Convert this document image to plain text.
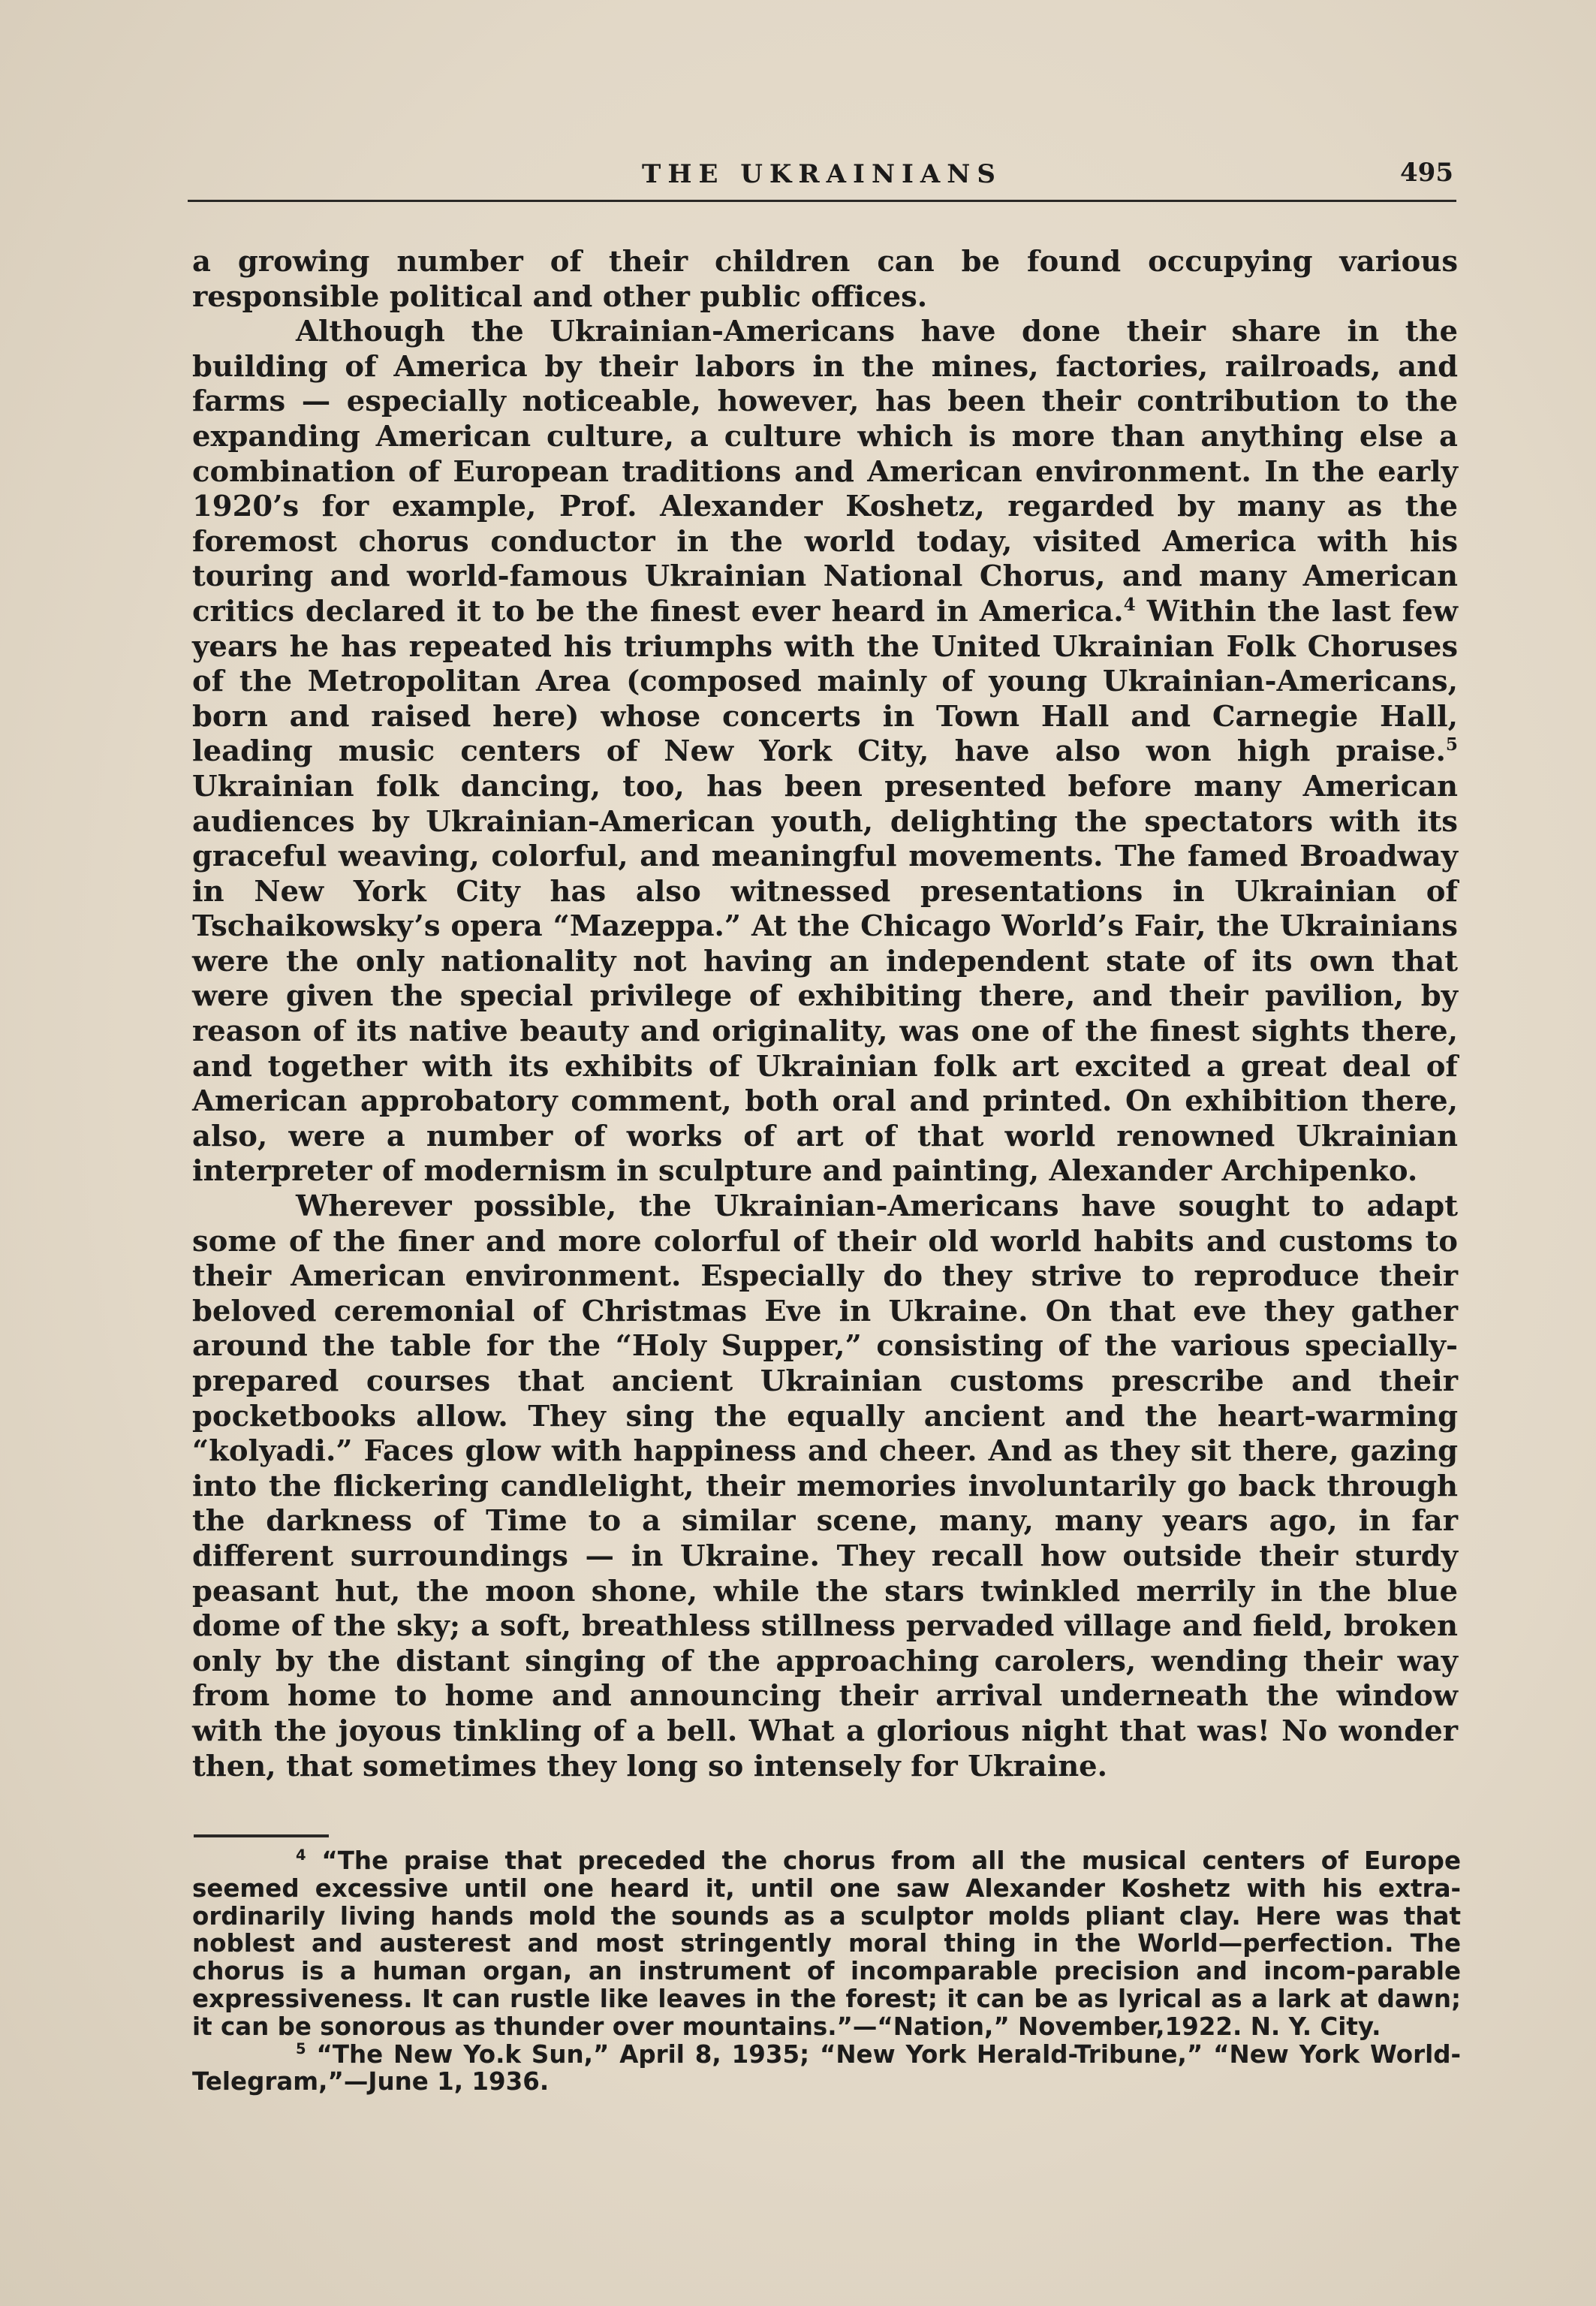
THE UKRAINIANS	495

a growing number of their children can be found occupying various responsible political and other public offices.

Although the Ukrainian-Americans have done their share in the building of America by their labors in the mines, factories, railroads, and farms — especially noticeable, however, has been their contribution to the expanding American culture, a culture which is more than anything else a combination of European traditions and American environment. In the early 1920’s for example, Prof. Alexander Koshetz, regarded by many as the foremost chorus conductor in the world today, visited America with his touring and world-famous Ukrainian National Chorus, and many American critics declared it to be the finest ever heard in America.$^4$ Within the last few years he has repeated his triumphs with the United Ukrainian Folk Choruses of the Metropolitan Area (composed mainly of young Ukrainian-Americans, born and raised here) whose concerts in Town Hall and Carnegie Hall, leading music centers of New York City, have also won high praise.$^5$ Ukrainian folk dancing, too, has been presented before many American audiences by Ukrainian-American youth, delighting the spectators with its graceful weaving, colorful, and meaningful movements. The famed Broadway in New York City has also witnessed presentations in Ukrainian of Tschaikowsky’s opera “Mazeppa.” At the Chicago World’s Fair, the Ukrainians were the only nationality not having an independent state of its own that were given the special privilege of exhibiting there, and their pavilion, by reason of its native beauty and originality, was one of the finest sights there, and together with its exhibits of Ukrainian folk art excited a great deal of American approbatory comment, both oral and printed. On exhibition there, also, were a number of works of art of that world renowned Ukrainian interpreter of modernism in sculpture and painting, Alexander Archipenko.

Wherever possible, the Ukrainian-Americans have sought to adapt some of the finer and more colorful of their old world habits and customs to their American environment. Especially do they strive to reproduce their beloved ceremonial of Christmas Eve in Ukraine. On that eve they gather around the table for the “Holy Supper,” consisting of the various specially-prepared courses that ancient Ukrainian customs prescribe and their pocketbooks allow. They sing the equally ancient and the heart-warming “kolyadi.” Faces glow with happiness and cheer. And as they sit there, gazing into the flickering candlelight, their memories involuntarily go back through the darkness of Time to a similar scene, many, many years ago, in far different surroundings — in Ukraine. They recall how outside their sturdy peasant hut, the moon shone, while the stars twinkled merrily in the blue dome of the sky; a soft, breathless stillness pervaded village and field, broken only by the distant singing of the approaching carolers, wending their way from home to home and announcing their arrival underneath the window with the joyous tinkling of a bell. What a glorious night that was! No wonder then, that sometimes they long so intensely for Ukraine.

$^4$ “The praise that preceded the chorus from all the musical centers of Europe seemed excessive until one heard it, until one saw Alexander Koshetz with his extra-ordinarily living hands mold the sounds as a sculptor molds pliant clay. Here was that noblest and austerest and most stringently moral thing in the World—perfection. The chorus is a human organ, an instrument of incomparable precision and incom-parable expressiveness. It can rustle like leaves in the forest; it can be as lyrical as a lark at dawn; it can be sonorous as thunder over mountains.”—“Nation,” November,1922. N. Y. City.

$^5$ “The New Yo.k Sun,” April 8, 1935; “New York Herald-Tribune,” “New York World-Telegram,”—June 1, 1936.
